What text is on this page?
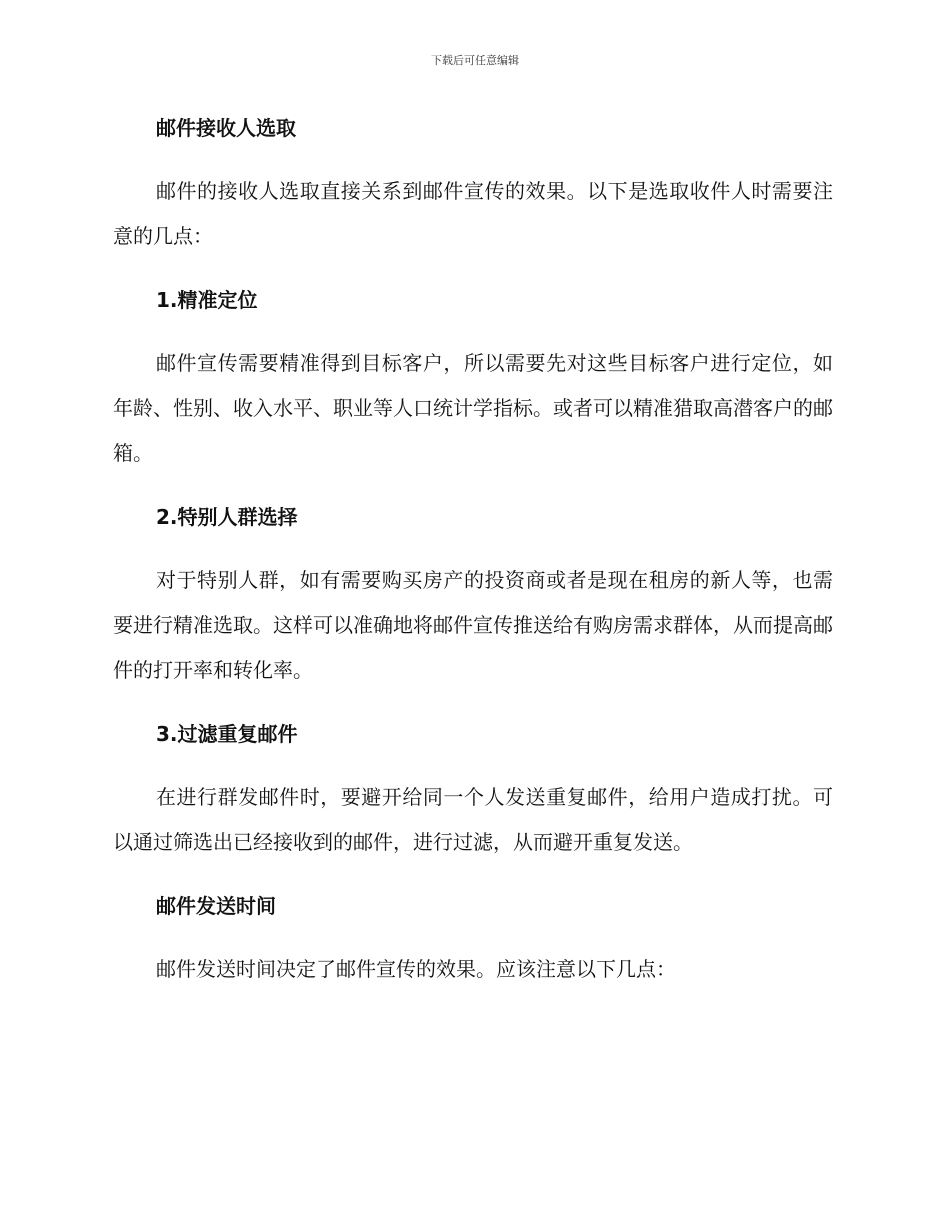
下载后可任意编辑
邮件接收人选取

邮件的接收人选取直接关系到邮件宣传的效果。以下是选取收件人时需要注意的几点：

1.精准定位

邮件宣传需要精准得到目标客户，所以需要先对这些目标客户进行定位，如年龄、性别、收入水平、职业等人口统计学指标。或者可以精准猎取高潜客户的邮箱。

2.特别人群选择

对于特别人群，如有需要购买房产的投资商或者是现在租房的新人等，也需要进行精准选取。这样可以准确地将邮件宣传推送给有购房需求群体，从而提高邮件的打开率和转化率。

3.过滤重复邮件

在进行群发邮件时，要避开给同一个人发送重复邮件，给用户造成打扰。可以通过筛选出已经接收到的邮件，进行过滤，从而避开重复发送。

邮件发送时间

邮件发送时间决定了邮件宣传的效果。应该注意以下几点：
